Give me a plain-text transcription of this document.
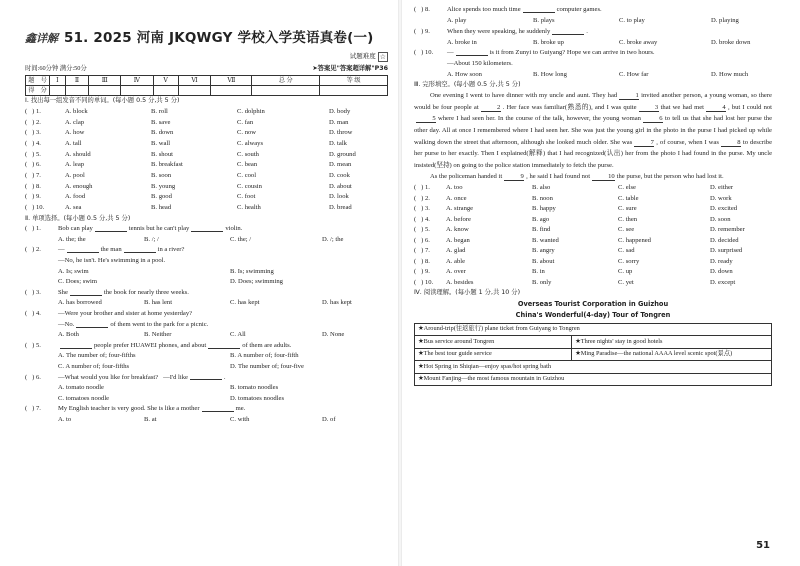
鑫详解 51. 2025 河南 JKQWGY 学校入学英语真卷(一)
试题难度 ☆
时间:60分钟 满分:50分	➤答案见"答案超详解"P36
题　号	Ⅰ	Ⅱ	Ⅲ	Ⅳ	Ⅴ	Ⅵ	Ⅶ	总 分	等 级
得　分									
Ⅰ. 找出每一组发音不同的单词。(每小题 0.5 分,共 5 分)
(   ) 1.	A. block	B. roll	C. dolphin	D. body
(   ) 2.	A. clap	B. save	C. fan	D. man
(   ) 3.	A. how	B. down	C. now	D. throw
(   ) 4.	A. tall	B. wall	C. always	D. talk
(   ) 5.	A. should	B. shout	C. south	D. ground
(   ) 6.	A. leap	B. breakfast	C. bean	D. mean
(   ) 7.	A. pool	B. soon	C. cool	D. cook
(   ) 8.	A. enough	B. young	C. cousin	D. about
(   ) 9.	A. food	B. good	C. foot	D. look
(   ) 10.	A. sea	B. head	C. health	D. bread
Ⅱ. 单项选择。(每小题 0.5 分,共 5 分)
(   ) 1.	Bob can play	tennis but he can't play	violin.
A. the; the	B. /; /	C. the; /	D. /; the
(   ) 2.	—	the man	in a river?
—No, he isn't. He's swimming in a pool.
A. Is; swim	B. Is; swimming
C. Does; swim	D. Does; swimming
(   ) 3.	She	the book for nearly three weeks.
A. has borrowed	B. has lent	C. has kept	D. has kept
(   ) 4.	—Were your brother and sister at home yesterday?
—No.	of them went to the park for a picnic.
A. Both	B. Neither	C. All	D. None
(   ) 5.	people prefer HUAWEI phones, and about	of them are adults.
A. The number of; four-fifths	B. A number of; four-fifth
C. A number of; four-fifths	D. The number of; four-five
(   ) 6.	—What would you like for breakfast?   —I'd like	.
A. tomato noodle	B. tomato noodles
C. tomatoes noodle	D. tomatoes noodles
(   ) 7.	My English teacher is very good. She is like a mother	me.
A. to	B. at	C. with	D. of
(   ) 8.	Alice spends too much time	computer games.
A. play	B. plays	C. to play	D. playing
(   ) 9.	When they were speaking, he suddenly	.
A. broke in	B. broke up	C. broke away	D. broke down
(   ) 10.	—	is it from Zunyi to Guiyang? Hope we can arrive in two hours.
—About 150 kilometers.
A. How soon	B. How long	C. How far	D. How much
Ⅲ. 完形填空。(每小题 0.5 分,共 5 分)

One evening I went to have dinner with my uncle and aunt. They had	1 invited another person, a young woman, so there would be four people at	2 . Her face was familiar(熟悉的), and I was quite	3 that we had met	4 , but I could not5 where I had seen her. In the course of the talk, however, the young woman	6 to tell us that she had lost her purse the other day. All at once I remembered where I had seen her. She was just the young girl in the photo in the purse I had picked up while walking down the street that afternoon, although she looked much older. She was	7 , of course, when I was	8 to describe her purse to her exactly. Then I explained(解释) that I had recognized(认出) her from the photo I had found in the purse. My uncle insisted(坚持) on going to the police station immediately to fetch the purse.

As the policeman handed it	9 , he said I had found not	10 the purse, but the person who had lost it.

(   ) 1.	A. too	B. also	C. else	D. either
(   ) 2.	A. once	B. noon	C. table	D. work
(   ) 3.	A. strange	B. happy	C. sure	D. excited
(   ) 4.	A. before	B. ago	C. then	D. soon
(   ) 5.	A. know	B. find	C. see	D. remember
(   ) 6.	A. began	B. wanted	C. happened	D. decided
(   ) 7.	A. glad	B. angry	C. sad	D. surprised
(   ) 8.	A. able	B. about	C. sorry	D. ready
(   ) 9.	A. over	B. in	C. up	D. down
(   ) 10.	A. besides	B. only	C. yet	D. except
Ⅳ. 阅读理解。(每小题 1 分,共 10 分)
Overseas Tourist Corporation in Guizhou
China's Wonderful(4-day) Tour of Tongren
★Around-trip(往返旅行) plane ticket from Guiyang to Tongren	
★Bus service around Tongren	★Three nights' stay in good hotels
★The best tour guide service	★Ming Paradise—the national AAAA level scenic spot(景点)
★Hot Spring in Shiqian—enjoy spas/hot spring bath	
★Mount Fanjing—the most famous mountain in Guizhou	
51
